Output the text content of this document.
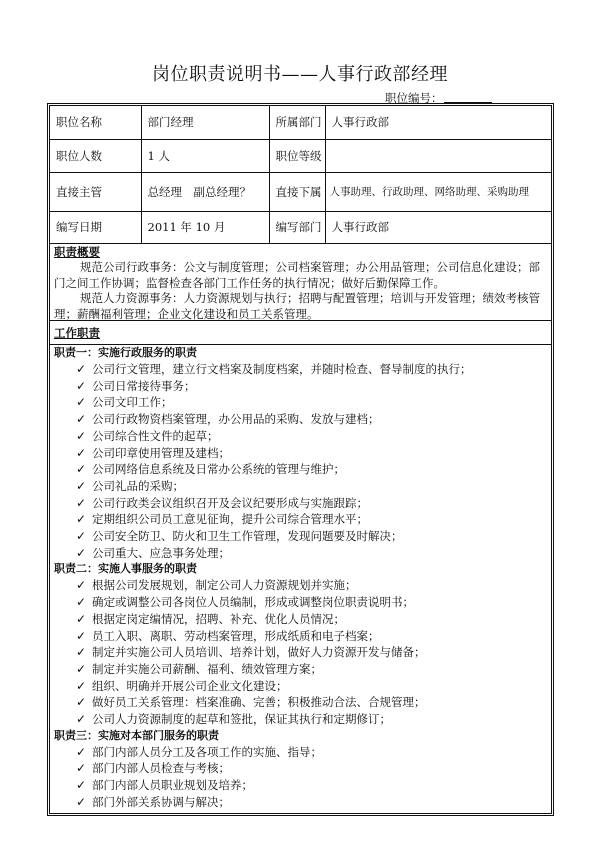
岗位职责说明书——人事行政部经理
职位编号：
职位名称	部门经理	所属部门	人事行政部
职位人数	1 人	职位等级	
直接主管	总经理　副总经理？	直接下属	人事助理、行政助理、网络助理、采购助理
编写日期	2011 年 10 月	编写部门	人事行政部
职责概要
规范公司行政事务：公文与制度管理；公司档案管理；办公用品管理；公司信息化建设；部门之间工作协调；监督检查各部门工作任务的执行情况；做好后勤保障工作。
规范人力资源事务：人力资源规划与执行；招聘与配置管理；培训与开发管理；绩效考核管理；薪酬福利管理；企业文化建设和员工关系管理。
工作职责
职责一：实施行政服务的职责
✓ 公司行文管理，建立行文档案及制度档案，并随时检查、督导制度的执行；
✓ 公司日常接待事务；
✓ 公司文印工作；
✓ 公司行政物资档案管理，办公用品的采购、发放与建档；
✓ 公司综合性文件的起草；
✓ 公司印章使用管理及建档；
✓ 公司网络信息系统及日常办公系统的管理与维护；
✓ 公司礼品的采购；
✓ 公司行政类会议组织召开及会议纪要形成与实施跟踪；
✓ 定期组织公司员工意见征询，提升公司综合管理水平；
✓ 公司安全防卫、防火和卫生工作管理，发现问题要及时解决；
✓ 公司重大、应急事务处理；
职责二：实施人事服务的职责
✓ 根据公司发展规划，制定公司人力资源规划并实施；
✓ 确定或调整公司各岗位人员编制，形成或调整岗位职责说明书；
✓ 根据定岗定编情况，招聘、补充、优化人员情况；
✓ 员工入职、离职、劳动档案管理，形成纸质和电子档案；
✓ 制定并实施公司人员培训、培养计划，做好人力资源开发与储备；
✓ 制定并实施公司薪酬、福利、绩效管理方案；
✓ 组织、明确并开展公司企业文化建设；
✓ 做好员工关系管理：档案准确、完善；积极推动合法、合规管理；
✓ 公司人力资源制度的起草和签批，保证其执行和定期修订；
职责三：实施对本部门服务的职责
✓ 部门内部人员分工及各项工作的实施、指导；
✓ 部门内部人员检查与考核；
✓ 部门内部人员职业规划及培养；
✓ 部门外部关系协调与解决；
